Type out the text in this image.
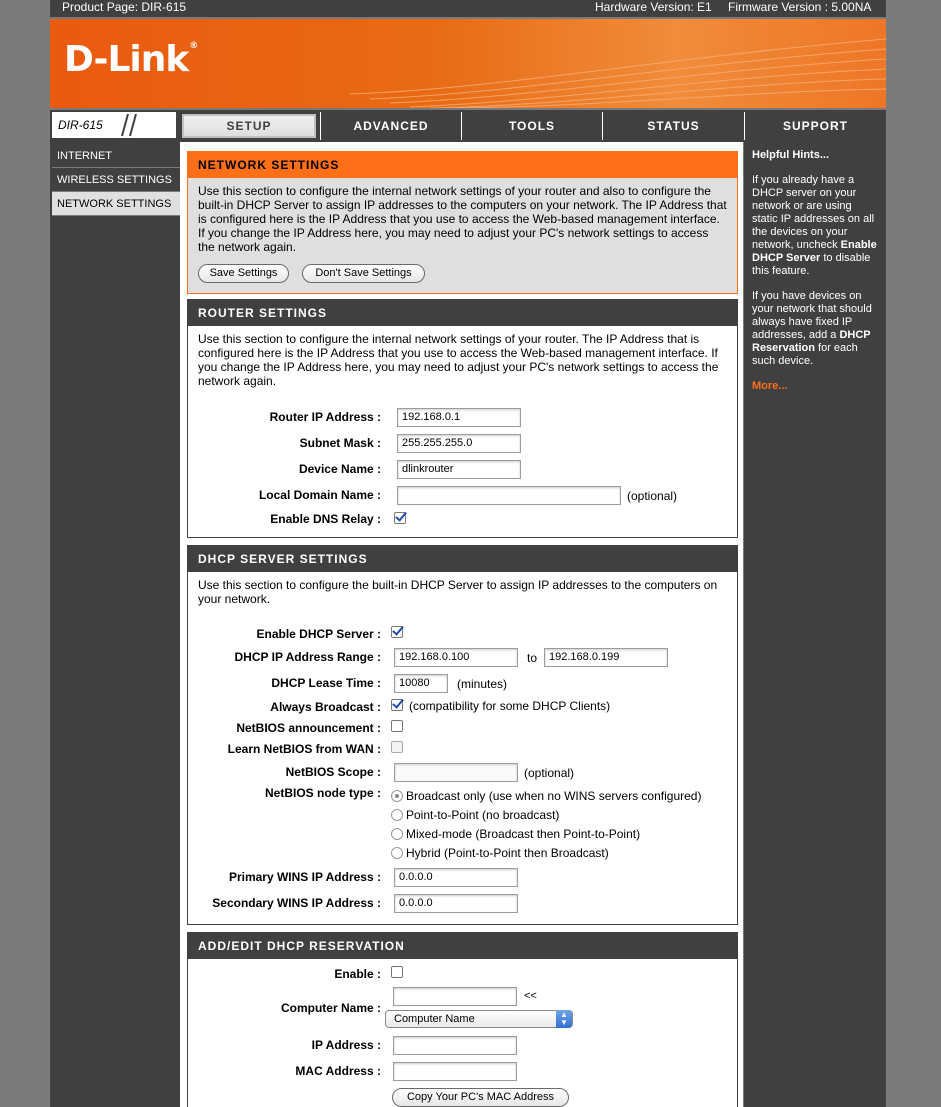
Product Page: DIR-615	Hardware Version: E1 Firmware Version : 5.00NA
D-Link®
DIR-615	SETUP	ADVANCED	TOOLS	STATUS	SUPPORT
INTERNET
WIRELESS SETTINGS
NETWORK SETTINGS
NETWORK SETTINGS
Use this section to configure the internal network settings of your router and also to configure the built-in DHCP Server to assign IP addresses to the computers on your network. The IP Address that is configured here is the IP Address that you use to access the Web-based management interface. If you change the IP Address here, you may need to adjust your PC's network settings to access the network again.
Save Settings	Don't Save Settings
ROUTER SETTINGS
Use this section to configure the internal network settings of your router. The IP Address that is configured here is the IP Address that you use to access the Web-based management interface. If you change the IP Address here, you may need to adjust your PC's network settings to access the network again.
Router IP Address :	192.168.0.1
Subnet Mask :	255.255.255.0
Device Name :	dlinkrouter
Local Domain Name :	(optional)
Enable DNS Relay :
DHCP SERVER SETTINGS
Use this section to configure the built-in DHCP Server to assign IP addresses to the computers on your network.
Enable DHCP Server :
DHCP IP Address Range :	192.168.0.100	to	192.168.0.199
DHCP Lease Time :	10080	(minutes)
Always Broadcast : (compatibility for some DHCP Clients)
NetBIOS announcement :
Learn NetBIOS from WAN :
NetBIOS Scope :	(optional)
NetBIOS node type : Broadcast only (use when no WINS servers configured)
Point-to-Point (no broadcast)
Mixed-mode (Broadcast then Point-to-Point)
Hybrid (Point-to-Point then Broadcast)
Primary WINS IP Address :	0.0.0.0
Secondary WINS IP Address :	0.0.0.0
ADD/EDIT DHCP RESERVATION
Enable :
Computer Name :
<<
Computer Name	▲
▼
IP Address :
MAC Address :
Copy Your PC's MAC Address
Helpful Hints...

If you already have a DHCP server on your network or are using static IP addresses on all the devices on your network, uncheck Enable DHCP Server to disable this feature.

If you have devices on your network that should always have fixed IP addresses, add a DHCP Reservation for each such device.

More...
